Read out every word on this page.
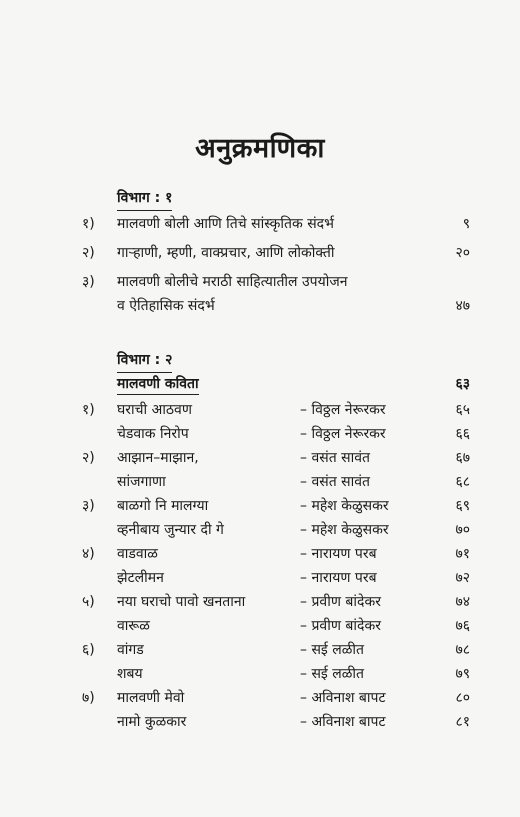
अनुक्रमणिका
विभाग : १
१) मालवणी बोली आणि तिचे सांस्कृतिक संदर्भ	९
२) गाऱ्हाणी, म्हणी, वाक्प्रचार, आणि लोकोक्ती	२०
३) मालवणी बोलीचे मराठी साहित्यातील उपयोजन
व ऐतिहासिक संदर्भ	४७
विभाग : २
मालवणी कविता	६३
१) घराची आठवण	– विठ्ठल नेरूरकर	६५
चेडवाक निरोप	– विठ्ठल नेरूरकर	६६
२) आझान–माझान,	– वसंत सावंत	६७
सांजगाणा	– वसंत सावंत	६८
३) बाळगो नि मालग्या	– महेश केळुसकर	६९
व्हनीबाय जुन्यार दी गे	– महेश केळुसकर	७०
४) वाडवाळ	– नारायण परब	७१
झेटलीमन	– नारायण परब	७२
५) नया घराचो पावो खनताना	– प्रवीण बांदेकर	७४
वारूळ	– प्रवीण बांदेकर	७६
६) वांगड	– सई लळीत	७८
शबय	– सई लळीत	७९
७) मालवणी मेवो	– अविनाश बापट	८०
नामो कुळकार	– अविनाश बापट	८१
